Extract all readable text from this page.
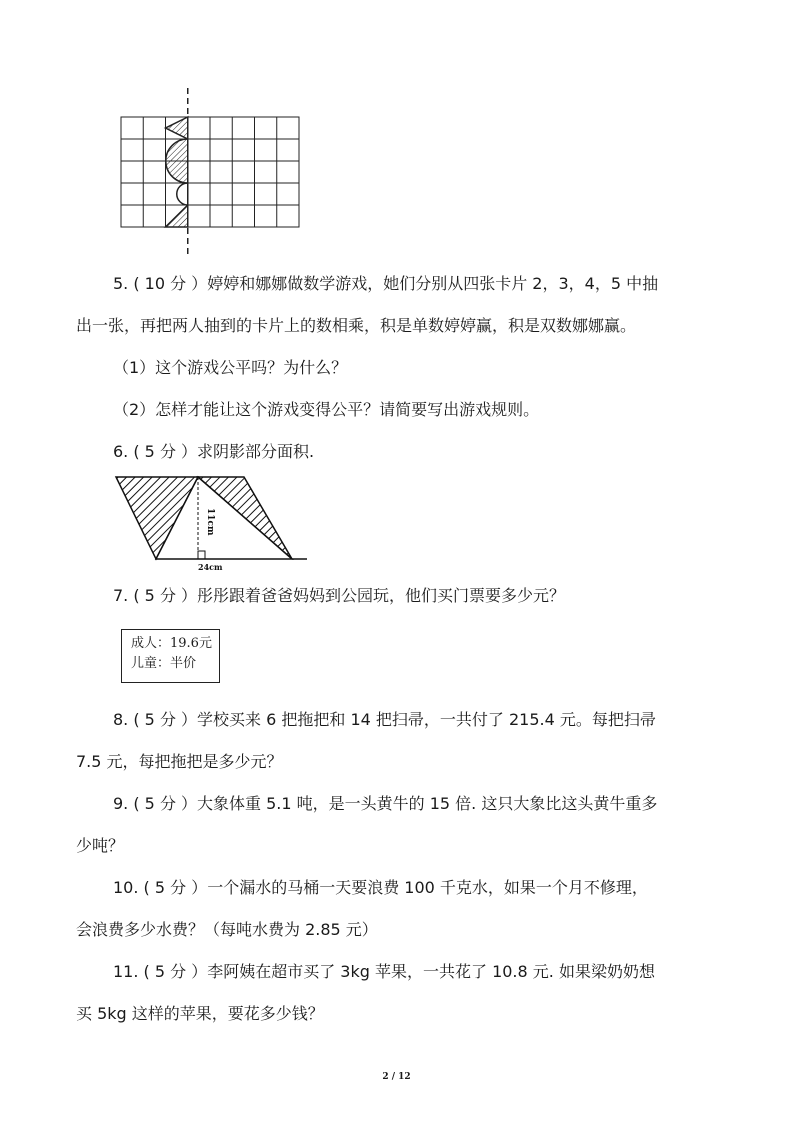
5. ( 10 分 ）婷婷和娜娜做数学游戏，她们分别从四张卡片 2，3，4，5 中抽
出一张，再把两人抽到的卡片上的数相乘，积是单数婷婷赢，积是双数娜娜赢。
（1）这个游戏公平吗？为什么？
（2）怎样才能让这个游戏变得公平？请简要写出游戏规则。
6. ( 5 分 ）求阴影部分面积.
11cm
24cm
7. ( 5 分 ）彤彤跟着爸爸妈妈到公园玩，他们买门票要多少元？
成人：19.6元
儿童：半价
8. ( 5 分 ）学校买来 6 把拖把和 14 把扫帚，一共付了 215.4 元。每把扫帚
7.5 元，每把拖把是多少元？
9. ( 5 分 ）大象体重 5.1 吨，是一头黄牛的 15 倍. 这只大象比这头黄牛重多
少吨？
10. ( 5 分 ）一个漏水的马桶一天要浪费 100 千克水，如果一个月不修理，
会浪费多少水费？（每吨水费为 2.85 元）
11. ( 5 分 ）李阿姨在超市买了 3kg 苹果，一共花了 10.8 元. 如果梁奶奶想
买 5kg 这样的苹果，要花多少钱？
2 / 12
